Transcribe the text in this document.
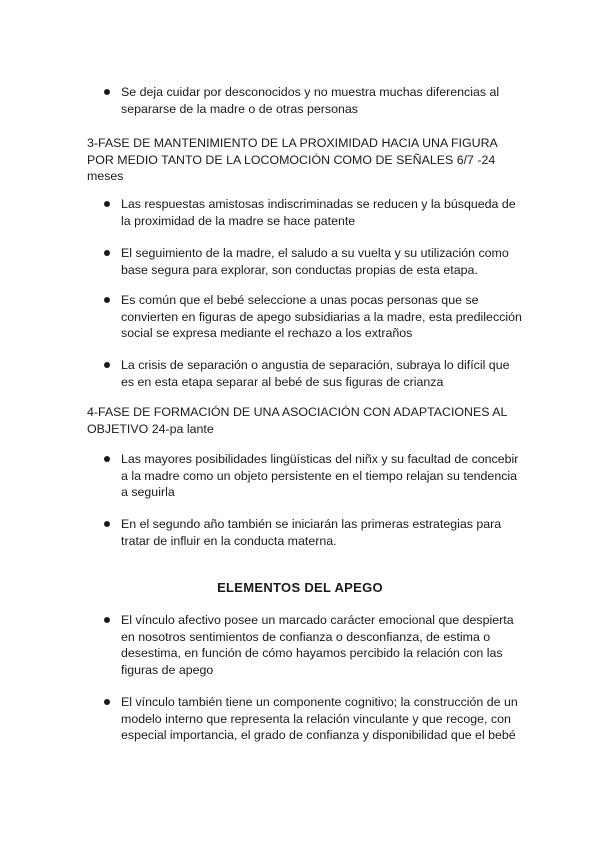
Se deja cuidar por desconocidos y no muestra muchas diferencias al separarse de la madre o de otras personas
3-FASE DE MANTENIMIENTO DE LA PROXIMIDAD HACIA UNA FIGURA POR MEDIO TANTO DE LA LOCOMOCIÓN COMO DE SEÑALES 6/7 -24 meses
Las respuestas amistosas indiscriminadas se reducen y la búsqueda de la proximidad de la madre se hace patente
El seguimiento de la madre, el saludo a su vuelta y su utilización como base segura para explorar, son conductas propias de esta etapa.
Es común que el bebé seleccione a unas pocas personas que se convierten en figuras de apego subsidiarias a la madre, esta predilección social se expresa mediante el rechazo a los extraños
La crisis de separación o angustia de separación, subraya lo difícil que es en esta etapa separar al bebé de sus figuras de crianza
4-FASE DE FORMACIÓN DE UNA ASOCIACIÓN CON ADAPTACIONES AL OBJETIVO 24-pa lante
Las mayores posibilidades lingüísticas del niñx y su facultad de concebir a la madre como un objeto persistente en el tiempo relajan su tendencia a seguirla
En el segundo año también se iniciarán las primeras estrategias para tratar de influir en la conducta materna.
ELEMENTOS DEL APEGO
El vínculo afectivo posee un marcado carácter emocional que despierta en nosotros sentimientos de confianza o desconfianza, de estima o desestima, en función de cómo hayamos percibido la relación con las figuras de apego
El vínculo también tiene un componente cognitivo; la construcción de un modelo interno que representa la relación vinculante y que recoge, con especial importancia, el grado de confianza y disponibilidad que el bebé
